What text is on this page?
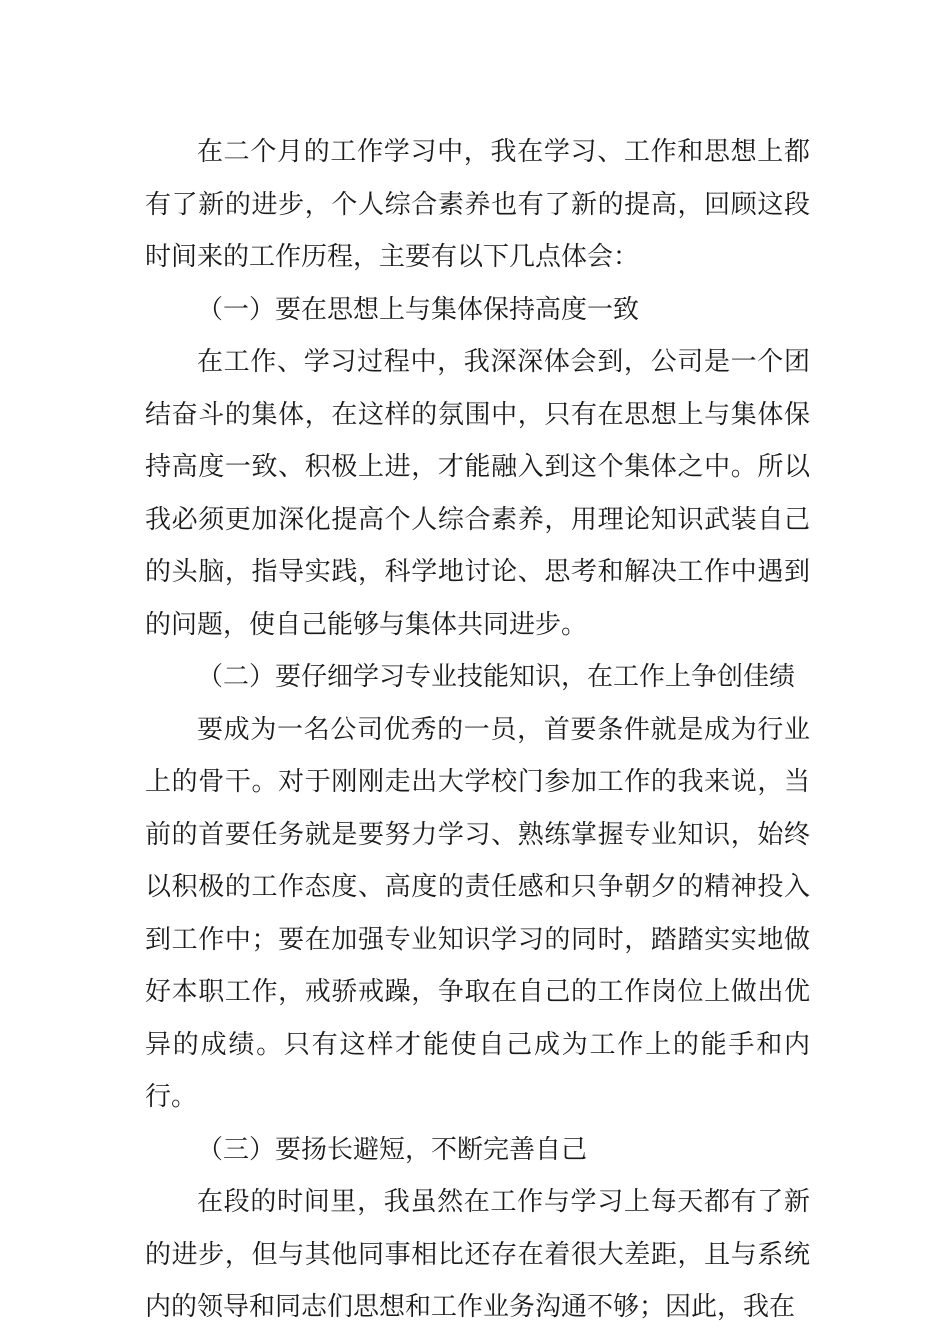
在二个月的工作学习中，我在学习、工作和思想上都有了新的进步，个人综合素养也有了新的提高，回顾这段时间来的工作历程，主要有以下几点体会：

（一）要在思想上与集体保持高度一致

在工作、学习过程中，我深深体会到，公司是一个团结奋斗的集体，在这样的氛围中，只有在思想上与集体保持高度一致、积极上进，才能融入到这个集体之中。所以我必须更加深化提高个人综合素养，用理论知识武装自己的头脑，指导实践，科学地讨论、思考和解决工作中遇到的问题，使自己能够与集体共同进步。

（二）要仔细学习专业技能知识，在工作上争创佳绩

要成为一名公司优秀的一员，首要条件就是成为行业上的骨干。对于刚刚走出大学校门参加工作的我来说，当前的首要任务就是要努力学习、熟练掌握专业知识，始终以积极的工作态度、高度的责任感和只争朝夕的精神投入到工作中；要在加强专业知识学习的同时，踏踏实实地做好本职工作，戒骄戒躁，争取在自己的工作岗位上做出优异的成绩。只有这样才能使自己成为工作上的能手和内行。

（三）要扬长避短，不断完善自己

在段的时间里，我虽然在工作与学习上每天都有了新的进步，但与其他同事相比还存在着很大差距，且与系统内的领导和同志们思想和工作业务沟通不够；因此，我在
